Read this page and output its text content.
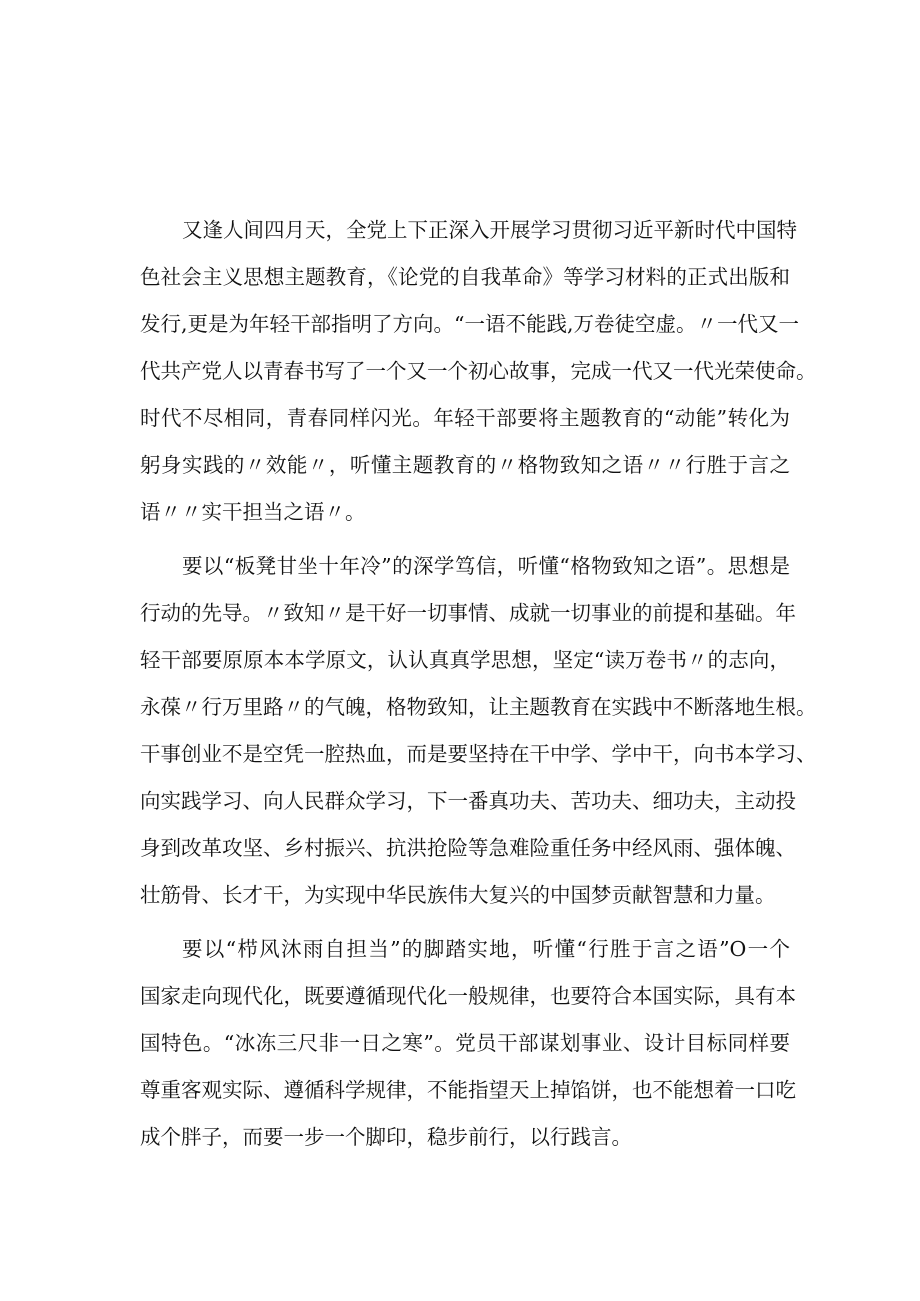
又逢人间四月天，全党上下正深入开展学习贯彻习近平新时代中国特
色社会主义思想主题教育，《论党的自我革命》等学习材料的正式出版和
发行,更是为年轻干部指明了方向。“一语不能践,万卷徒空虚。〃一代又一
代共产党人以青春书写了一个又一个初心故事，完成一代又一代光荣使命。
时代不尽相同，青春同样闪光。年轻干部要将主题教育的“动能”转化为
躬身实践的〃效能〃，听懂主题教育的〃格物致知之语〃〃行胜于言之
语〃〃实干担当之语〃。
要以“板凳甘坐十年冷”的深学笃信，听懂“格物致知之语”。思想是
行动的先导。〃致知〃是干好一切事情、成就一切事业的前提和基础。年
轻干部要原原本本学原文，认认真真学思想，坚定“读万卷书〃的志向，
永葆〃行万里路〃的气魄，格物致知，让主题教育在实践中不断落地生根。
干事创业不是空凭一腔热血，而是要坚持在干中学、学中干，向书本学习、
向实践学习、向人民群众学习，下一番真功夫、苦功夫、细功夫，主动投
身到改革攻坚、乡村振兴、抗洪抢险等急难险重任务中经风雨、强体魄、
壮筋骨、长才干，为实现中华民族伟大复兴的中国梦贡献智慧和力量。
要以“栉风沐雨自担当”的脚踏实地，听懂“行胜于言之语”O一个
国家走向现代化，既要遵循现代化一般规律，也要符合本国实际，具有本
国特色。“冰冻三尺非一日之寒”。党员干部谋划事业、设计目标同样要
尊重客观实际、遵循科学规律，不能指望天上掉馅饼，也不能想着一口吃
成个胖子，而要一步一个脚印，稳步前行，以行践言。
